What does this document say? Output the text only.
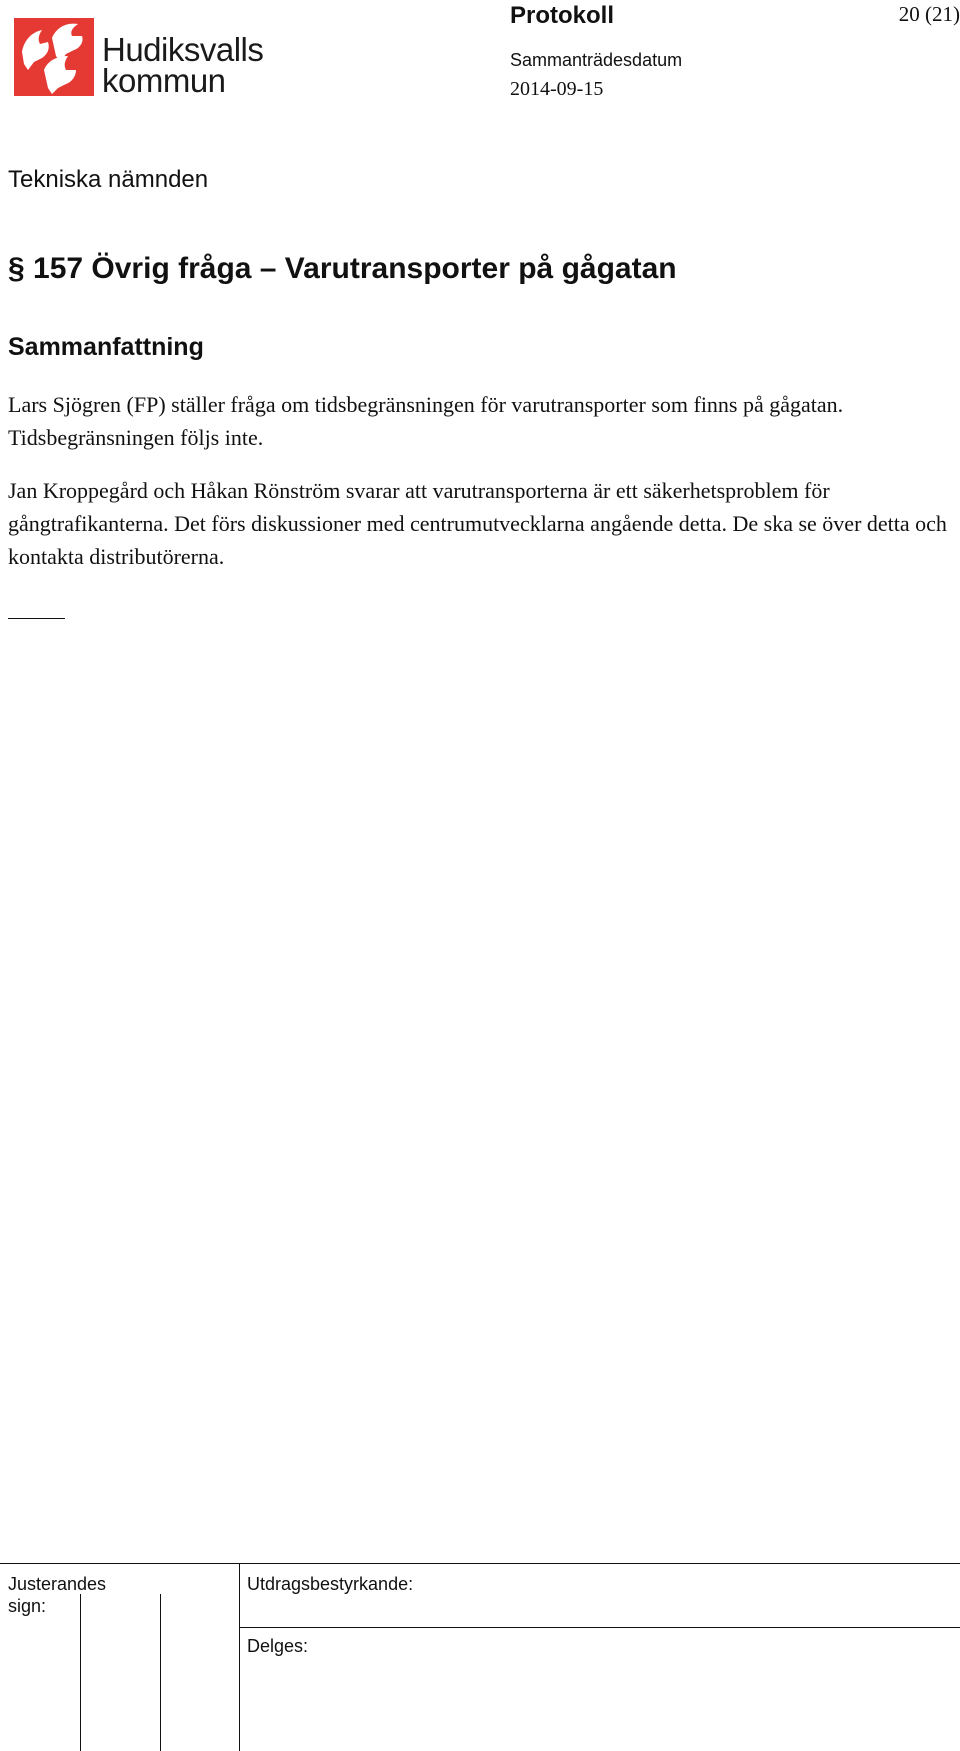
Hudiksvalls
kommun
Protokoll	20 (21)
Sammanträdesdatum
2014-09-15
Tekniska nämnden
§ 157 Övrig fråga – Varutransporter på gågatan
Sammanfattning

Lars Sjögren (FP) ställer fråga om tidsbegränsningen för varutransporter som finns på gågatan. Tidsbegränsningen följs inte.

Jan Kroppegård och Håkan Rönström svarar att varutransporterna är ett säkerhetsproblem för gångtrafikanterna. Det förs diskussioner med centrumutvecklarna angående detta. De ska se över detta och kontakta distributörerna.

Justerandes
sign:
Utdragsbestyrkande:
Delges:
